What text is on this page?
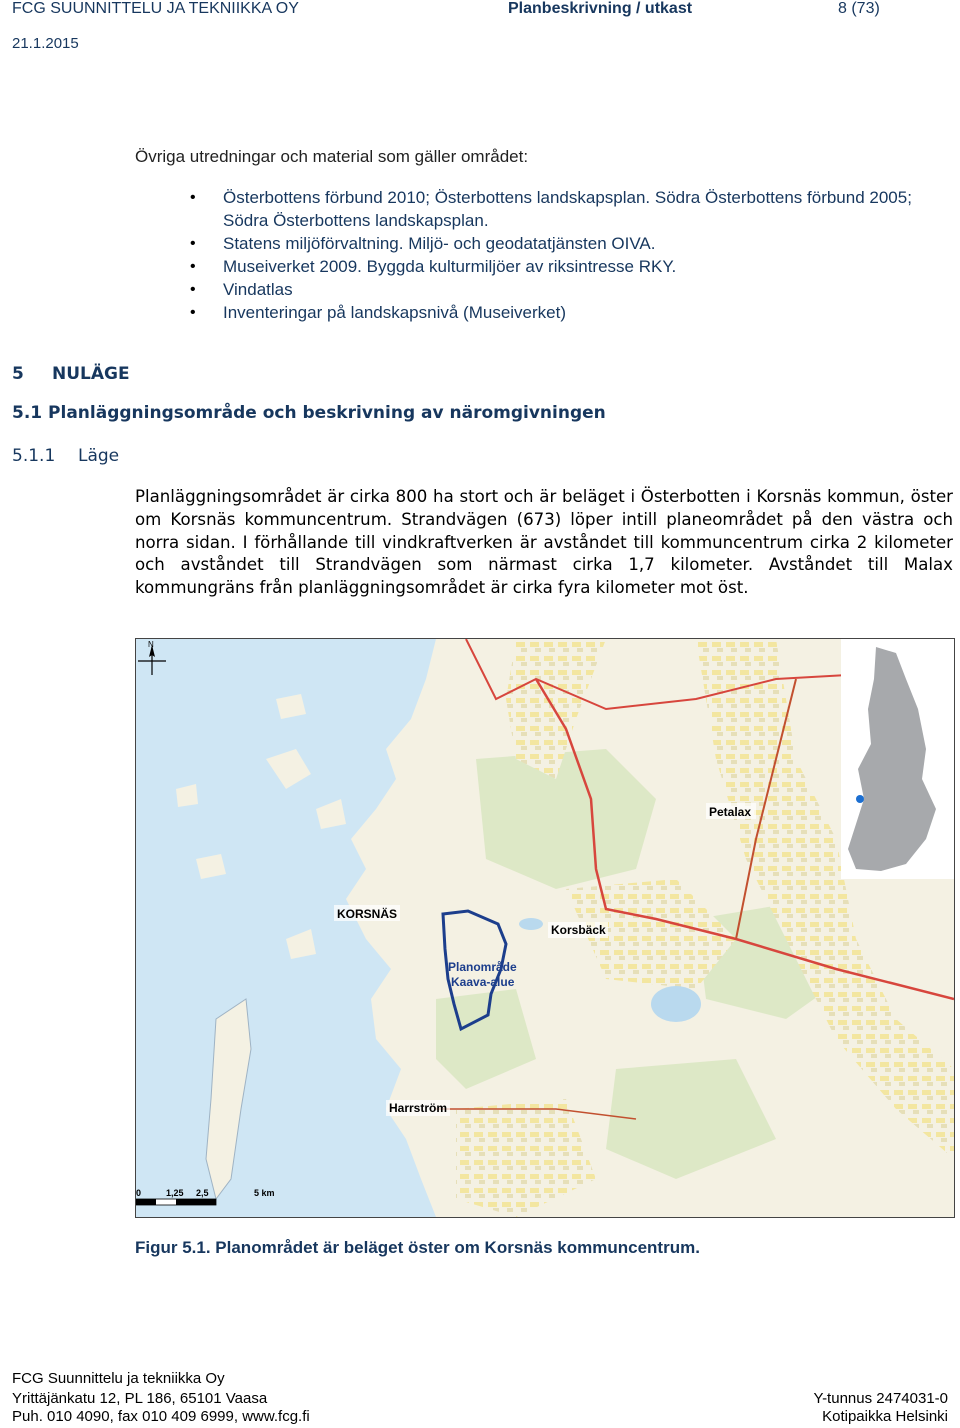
FCG SUUNNITTELU JA TEKNIIKKA OY	Planbeskrivning / utkast	8 (73)
21.1.2015
Övriga utredningar och material som gäller området:
• Österbottens förbund 2010; Österbottens landskapsplan. Södra Österbottens förbund 2005; Södra Österbottens landskapsplan.
• Statens miljöförvaltning. Miljö- och geodatatjänsten OIVA.
• Museiverket 2009. Byggda kulturmiljöer av riksintresse RKY.
• Vindatlas
• Inventeringar på landskapsnivå (Museiverket)
5 NULÄGE
5.1 Planläggningsområde och beskrivning av näromgivningen
5.1.1 Läge
Planläggningsområdet är cirka 800 ha stort och är beläget i Österbotten i Korsnäs kommun, öster om Korsnäs kommuncentrum. Strandvägen (673) löper intill planeområdet på den västra och norra sidan. I förhållande till vindkraftverken är avståndet till kommuncentrum cirka 2 kilometer och avståndet till Strandvägen som närmast cirka 1,7 kilometer. Avståndet till Malax kommungräns från planläggningsområdet är cirka fyra kilometer mot öst.
N
0	1,25 2,5	5 km
Petalax
KORSNÄS
Korsbäck
Planområde
Kaava-alue
Harrström
Figur 5.1. Planområdet är beläget öster om Korsnäs kommuncentrum.
FCG Suunnittelu ja tekniikka Oy
Yrittäjänkatu 12, PL 186, 65101 Vaasa
Puh. 010 4090, fax 010 409 6999, www.fcg.fi
Y-tunnus 2474031-0
Kotipaikka Helsinki
